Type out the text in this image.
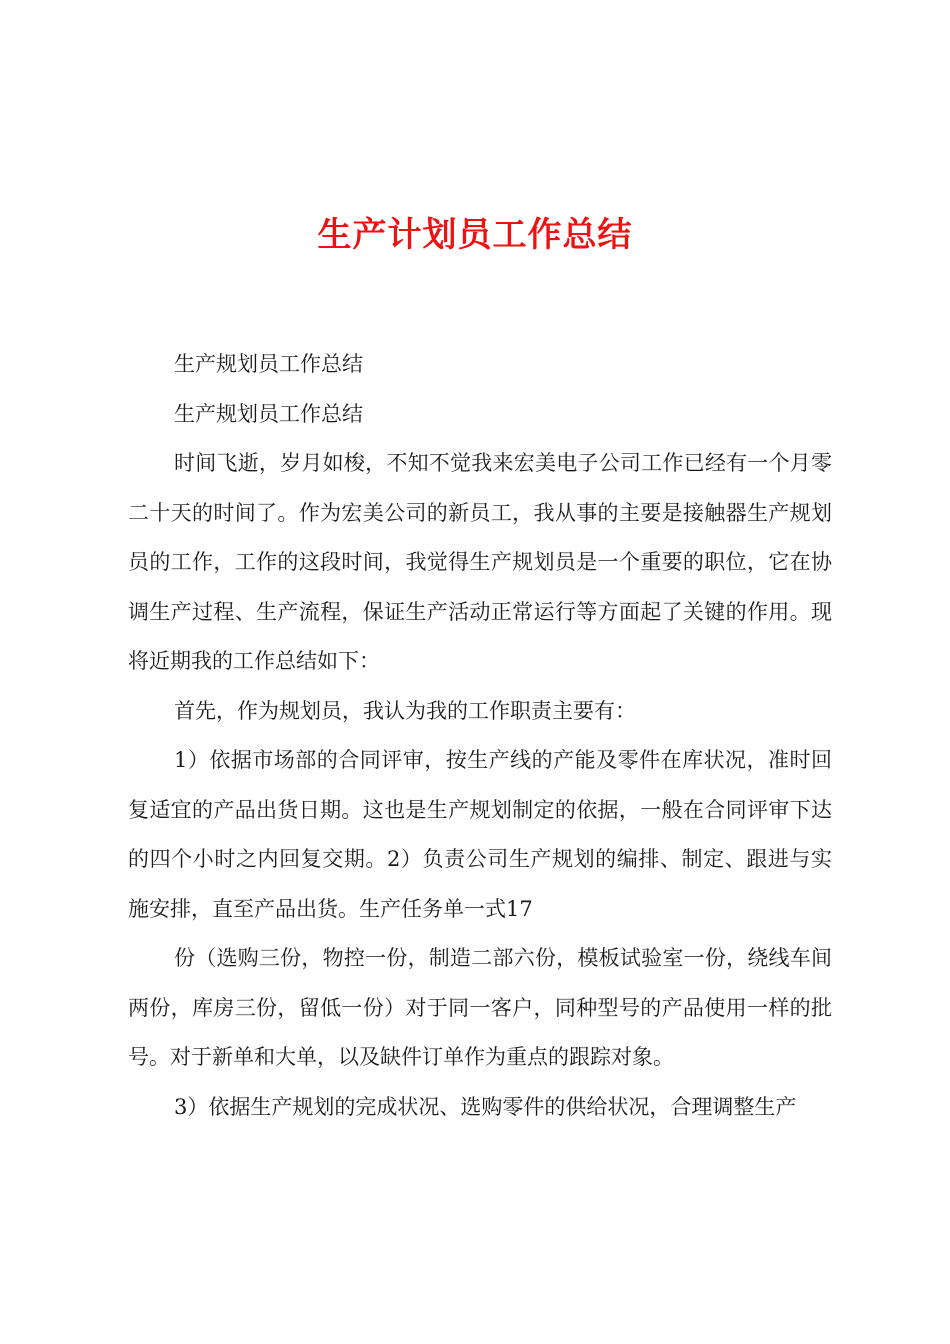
生产计划员工作总结

生产规划员工作总结

生产规划员工作总结

时间飞逝，岁月如梭，不知不觉我来宏美电子公司工作已经有一个月零二十天的时间了。作为宏美公司的新员工，我从事的主要是接触器生产规划员的工作，工作的这段时间，我觉得生产规划员是一个重要的职位，它在协调生产过程、生产流程，保证生产活动正常运行等方面起了关键的作用。现将近期我的工作总结如下：

首先，作为规划员，我认为我的工作职责主要有：

1）依据市场部的合同评审，按生产线的产能及零件在库状况，准时回复适宜的产品出货日期。这也是生产规划制定的依据，一般在合同评审下达的四个小时之内回复交期。2）负责公司生产规划的编排、制定、跟进与实施安排，直至产品出货。生产任务单一式17

份（选购三份，物控一份，制造二部六份，模板试验室一份，绕线车间两份，库房三份，留低一份）对于同一客户，同种型号的产品使用一样的批号。对于新单和大单，以及缺件订单作为重点的跟踪对象。

3）依据生产规划的完成状况、选购零件的供给状况，合理调整生产
